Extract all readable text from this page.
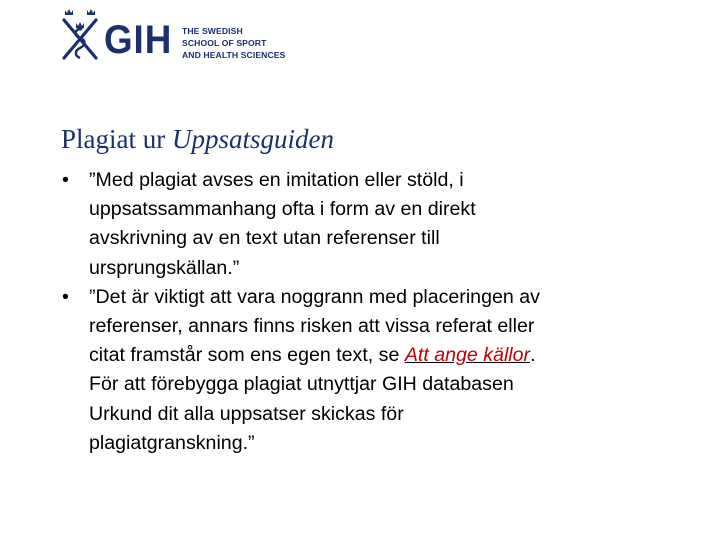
GIH THE SWEDISH
SCHOOL OF SPORT
AND HEALTH SCIENCES
Plagiat ur Uppsatsguiden
• ”Med plagiat avses en imitation eller stöld, i
uppsatssammanhang ofta i form av en direkt
avskrivning av en text utan referenser till
ursprungskällan.”
• ”Det är viktigt att vara noggrann med placeringen av
referenser, annars finns risken att vissa referat eller
citat framstår som ens egen text, se Att ange källor.
För att förebygga plagiat utnyttjar GIH databasen
Urkund dit alla uppsatser skickas för
plagiatgranskning.”
